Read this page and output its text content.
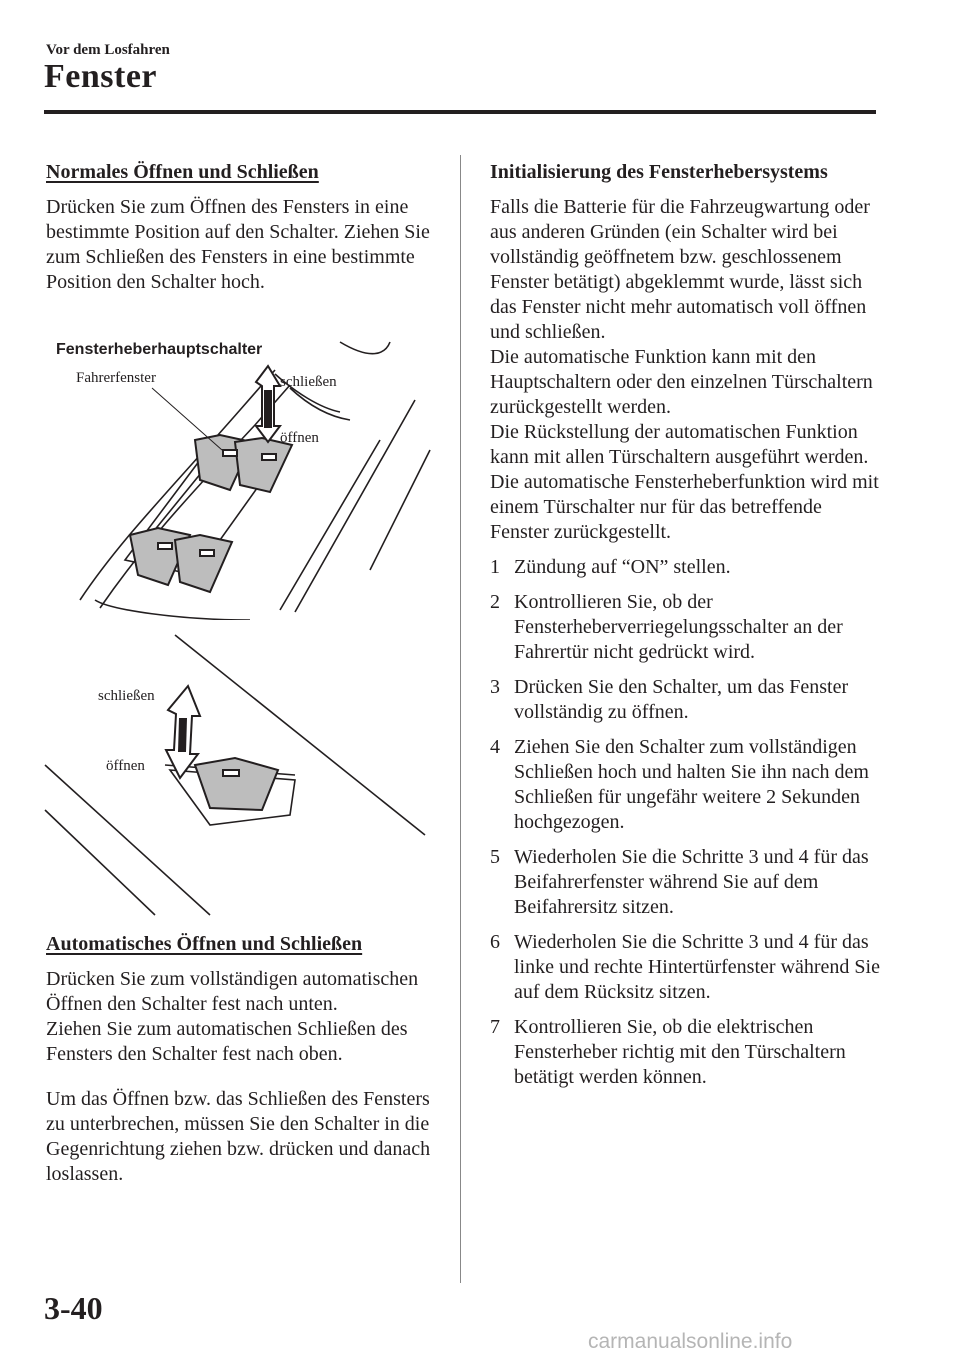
Vor dem Losfahren
Fenster

Normales Öffnen und Schließen

Drücken Sie zum Öffnen des Fensters in eine bestimmte Position auf den Schalter. Ziehen Sie zum Schließen des Fensters in eine bestimmte Position den Schalter hoch.

Fensterheberhauptschalter
Fahrerfenster	schließen
öffnen
schließen
öffnen

Automatisches Öffnen und Schließen

Drücken Sie zum vollständigen automatischen Öffnen den Schalter fest nach unten.

Ziehen Sie zum automatischen Schließen des Fensters den Schalter fest nach oben.

Um das Öffnen bzw. das Schließen des Fensters zu unterbrechen, müssen Sie den Schalter in die Gegenrichtung ziehen bzw. drücken und danach loslassen.

Initialisierung des Fensterhebersystems

Falls die Batterie für die Fahrzeugwartung oder aus anderen Gründen (ein Schalter wird bei vollständig geöffnetem bzw. geschlossenem Fenster betätigt) abgeklemmt wurde, lässt sich das Fenster nicht mehr automatisch voll öffnen und schließen.

Die automatische Funktion kann mit den Hauptschaltern oder den einzelnen Türschaltern zurückgestellt werden.

Die Rückstellung der automatischen Funktion kann mit allen Türschaltern ausgeführt werden. Die automatische Fensterheberfunktion wird mit einem Türschalter nur für das betreffende Fenster zurückgestellt.

1 Zündung auf “ON” stellen.
2 Kontrollieren Sie, ob der Fensterheberverriegelungsschalter an der Fahrertür nicht gedrückt wird.
3 Drücken Sie den Schalter, um das Fenster vollständig zu öffnen.
4 Ziehen Sie den Schalter zum vollständigen Schließen hoch und halten Sie ihn nach dem Schließen für ungefähr weitere 2 Sekunden hochgezogen.
5 Wiederholen Sie die Schritte 3 und 4 für das Beifahrerfenster während Sie auf dem Beifahrersitz sitzen.
6 Wiederholen Sie die Schritte 3 und 4 für das linke und rechte Hintertürfenster während Sie auf dem Rücksitz sitzen.
7 Kontrollieren Sie, ob die elektrischen Fensterheber richtig mit den Türschaltern betätigt werden können.
3-40
carmanualsonline.info
